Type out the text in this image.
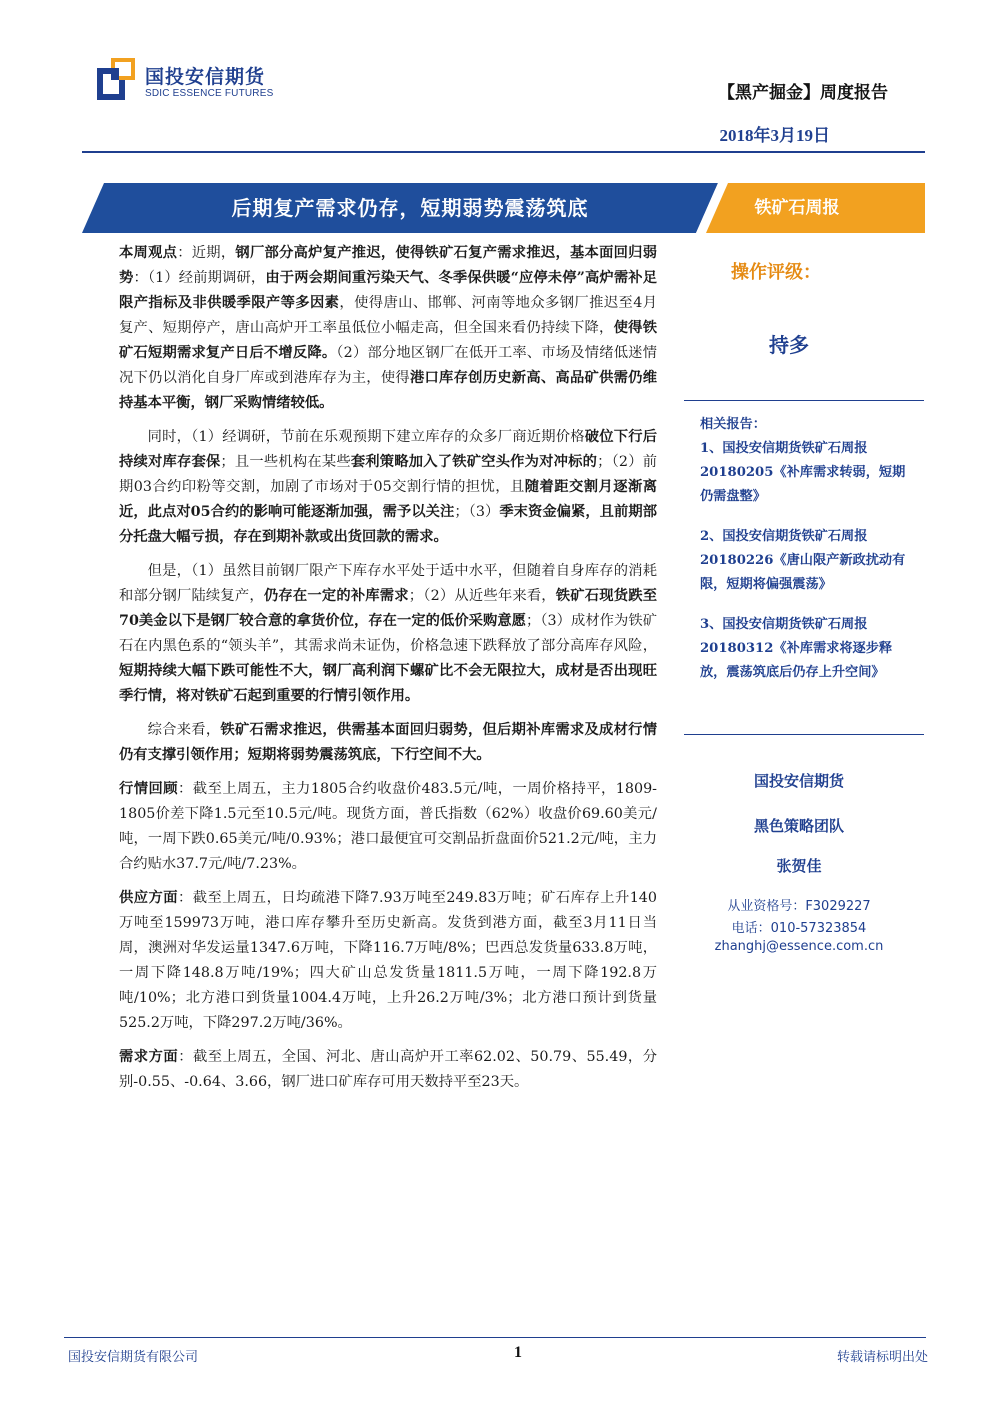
国投安信期货
SDIC ESSENCE FUTURES	【黑产掘金】周度报告
2018年3月19日
后期复产需求仍存，短期弱势震荡筑底	铁矿石周报
本周观点：近期，钢厂部分高炉复产推迟，使得铁矿石复产需求推迟，基本面回归弱势：（1）经前期调研，由于两会期间重污染天气、冬季保供暖“应停未停”高炉需补足限产指标及非供暖季限产等多因素，使得唐山、邯郸、河南等地众多钢厂推迟至4月复产、短期停产，唐山高炉开工率虽低位小幅走高，但全国来看仍持续下降，使得铁矿石短期需求复产日后不增反降。（2）部分地区钢厂在低开工率、市场及情绪低迷情况下仍以消化自身厂库或到港库存为主，使得港口库存创历史新高、高品矿供需仍维持基本平衡，钢厂采购情绪较低。
同时，（1）经调研，节前在乐观预期下建立库存的众多厂商近期价格破位下行后持续对库存套保；且一些机构在某些套利策略加入了铁矿空头作为对冲标的；（2）前期03合约印粉等交割，加剧了市场对于05交割行情的担忧，且随着距交割月逐渐离近，此点对05合约的影响可能逐渐加强，需予以关注；（3）季末资金偏紧，且前期部分托盘大幅亏损，存在到期补款或出货回款的需求。
但是，（1）虽然目前钢厂限产下库存水平处于适中水平，但随着自身库存的消耗和部分钢厂陆续复产，仍存在一定的补库需求；（2）从近些年来看，铁矿石现货跌至70美金以下是钢厂较合意的拿货价位，存在一定的低价采购意愿；（3）成材作为铁矿石在内黑色系的“领头羊”，其需求尚未证伪，价格急速下跌释放了部分高库存风险，短期持续大幅下跌可能性不大，钢厂高利润下螺矿比不会无限拉大，成材是否出现旺季行情，将对铁矿石起到重要的行情引领作用。
综合来看，铁矿石需求推迟，供需基本面回归弱势，但后期补库需求及成材行情仍有支撑引领作用；短期将弱势震荡筑底，下行空间不大。
行情回顾：截至上周五，主力1805合约收盘价483.5元/吨，一周价格持平，1809-1805价差下降1.5元至10.5元/吨。现货方面，普氏指数（62%）收盘价69.60美元/吨，一周下跌0.65美元/吨/0.93%；港口最便宜可交割品折盘面价521.2元/吨，主力合约贴水37.7元/吨/7.23%。
供应方面：截至上周五，日均疏港下降7.93万吨至249.83万吨；矿石库存上升140万吨至159973万吨，港口库存攀升至历史新高。发货到港方面，截至3月11日当周，澳洲对华发运量1347.6万吨，下降116.7万吨/8%；巴西总发货量633.8万吨，一周下降148.8万吨/19%；四大矿山总发货量1811.5万吨，一周下降192.8万吨/10%；北方港口到货量1004.4万吨，上升26.2万吨/3%；北方港口预计到货量525.2万吨，下降297.2万吨/36%。
需求方面：截至上周五，全国、河北、唐山高炉开工率62.02、50.79、55.49，分别-0.55、-0.64、3.66，钢厂进口矿库存可用天数持平至23天。
操作评级：
持多
相关报告：
1、国投安信期货铁矿石周报20180205《补库需求转弱，短期仍需盘整》
2、国投安信期货铁矿石周报20180226《唐山限产新政扰动有限，短期将偏强震荡》
3、国投安信期货铁矿石周报20180312《补库需求将逐步释放，震荡筑底后仍存上升空间》
国投安信期货
黑色策略团队
张贺佳
从业资格号：F3029227
电话：010-57323854
zhanghj@essence.com.cn
国投安信期货有限公司	1	转载请标明出处
